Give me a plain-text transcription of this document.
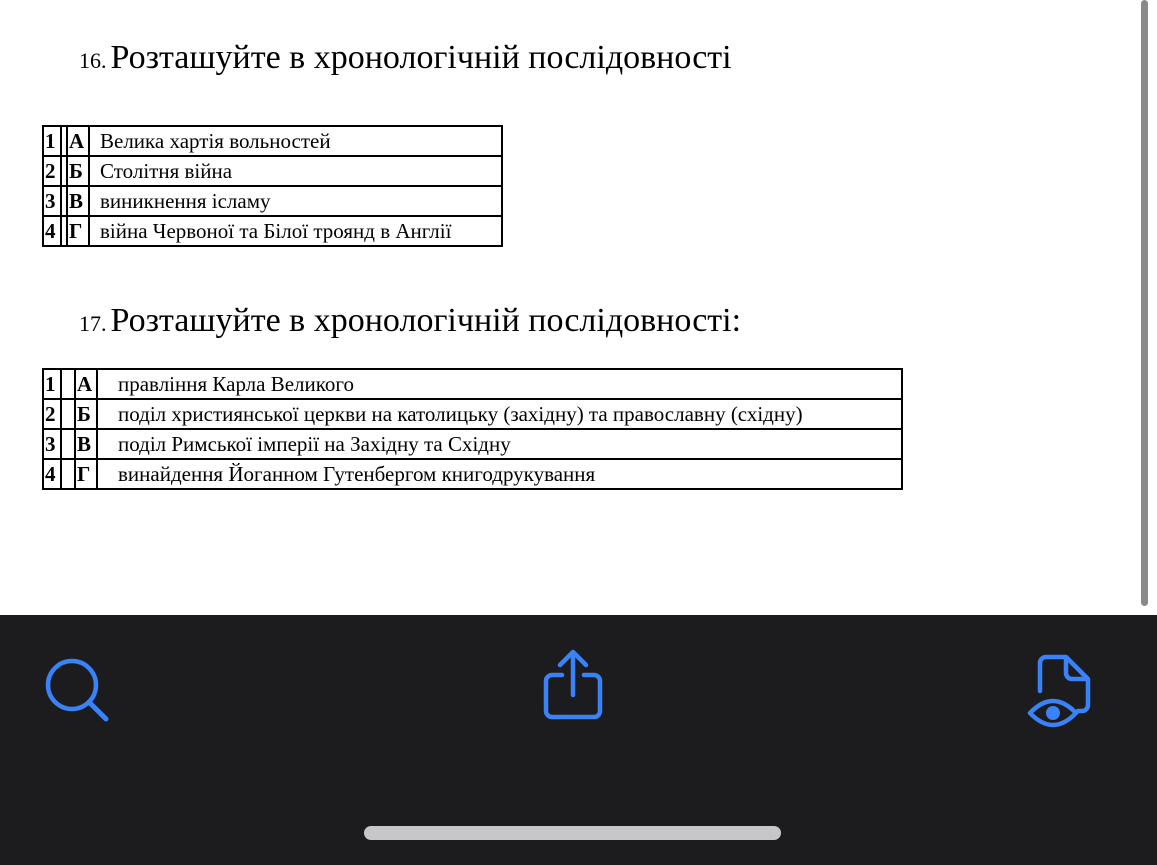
16. Розташуйте в хронологічній послідовності
1		А	Велика хартія вольностей
2		Б	Столітня війна
3		В	виникнення ісламу
4		Г	війна Червоної та Білої троянд в Англії
17. Розташуйте в хронологічній послідовності:
1		А	правління Карла Великого
2		Б	поділ християнської церкви на католицьку (західну) та православну (східну)
3		В	поділ Римської імперії на Західну та Східну
4		Г	винайдення Йоганном Гутенбергом книгодрукування
